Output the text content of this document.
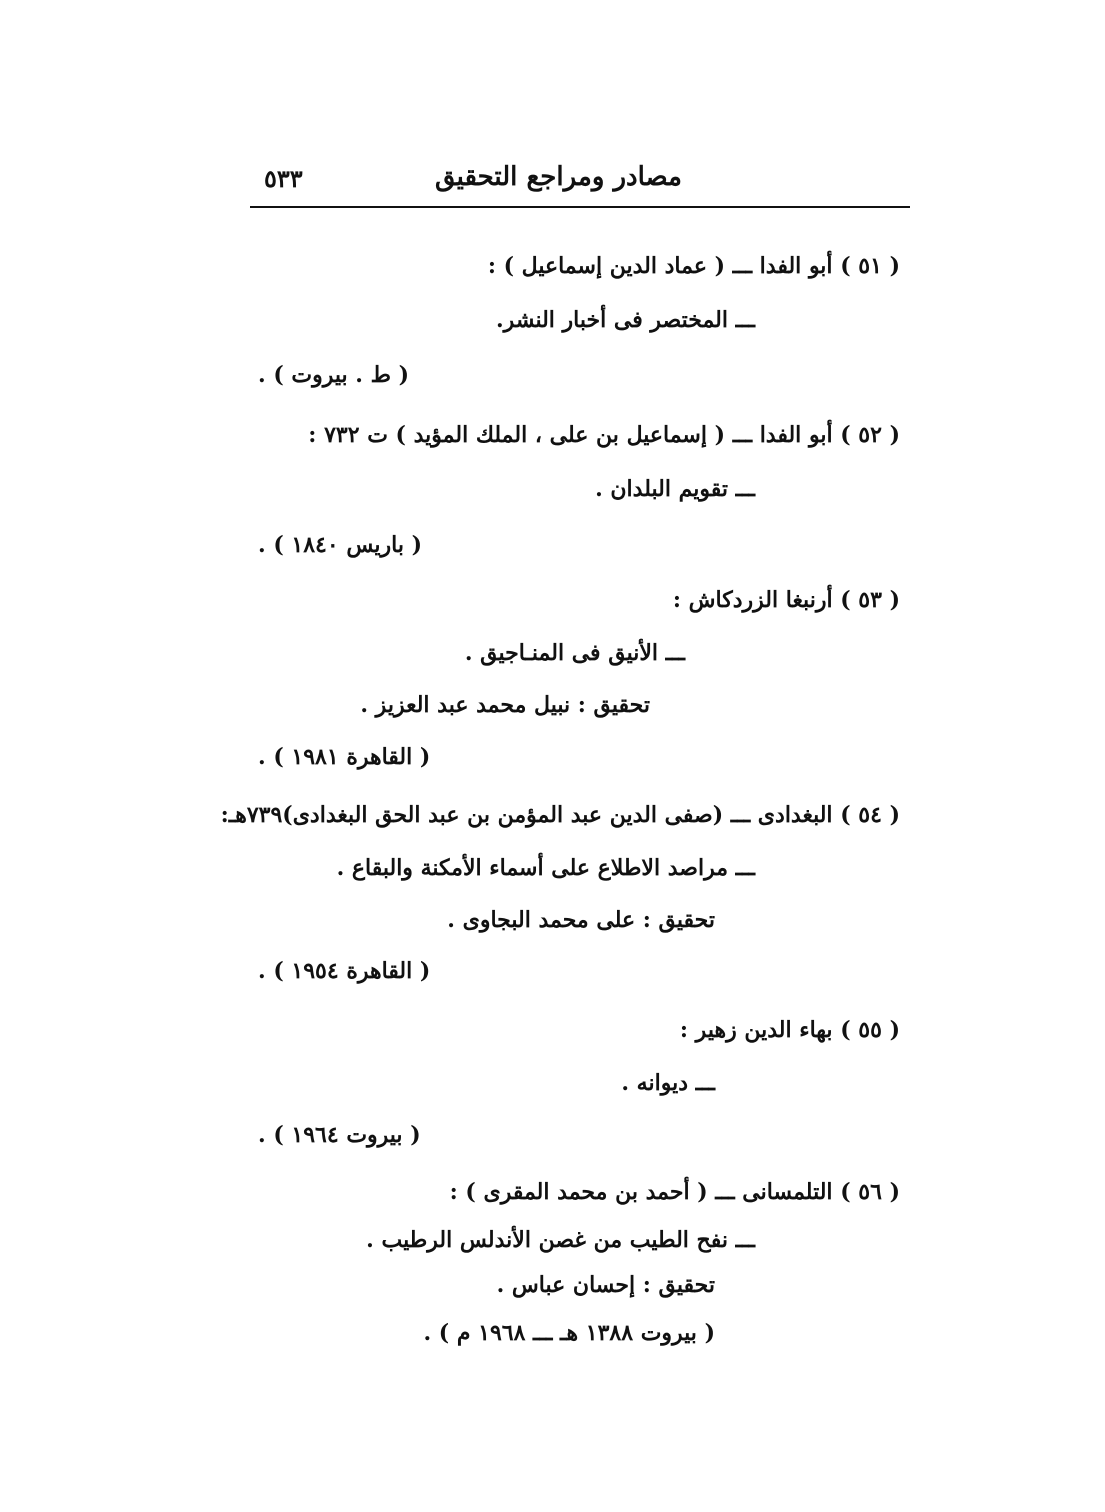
مصادر ومراجع التحقيق
٥٣٣
( ٥١ ) أبو الفدا ـــ ( عماد الدين إسماعيل ) :
ـــ المختصر فى أخبار النشر.
( ط . بيروت ) .
( ٥٢ ) أبو الفدا ـــ ( إسماعيل بن على ، الملك المؤيد ) ت ٧٣٢ :
ـــ تقويم البلدان .
( باريس ١٨٤٠ ) .
( ٥٣ ) أرنبغا الزردكاش :
ـــ الأنيق فى المنـاجيق .
تحقيق : نبيل محمد عبد العزيز .
( القاهرة ١٩٨١ ) .
( ٥٤ ) البغدادى ـــ (صفى الدين عبد المؤمن بن عبد الحق البغدادى)٧٣٩هـ:
ـــ مراصد الاطلاع على أسماء الأمكنة والبقاع .
تحقيق : على محمد البجاوى .
( القاهرة ١٩٥٤ ) .
( ٥٥ ) بهاء الدين زهير :
ـــ ديوانه .
( بيروت ١٩٦٤ ) .
( ٥٦ ) التلمسانى ـــ ( أحمد بن محمد المقرى ) :
ـــ نفح الطيب من غصن الأندلس الرطيب .
تحقيق : إحسان عباس .
( بيروت ١٣٨٨ هـ ـــ ١٩٦٨ م ) .
